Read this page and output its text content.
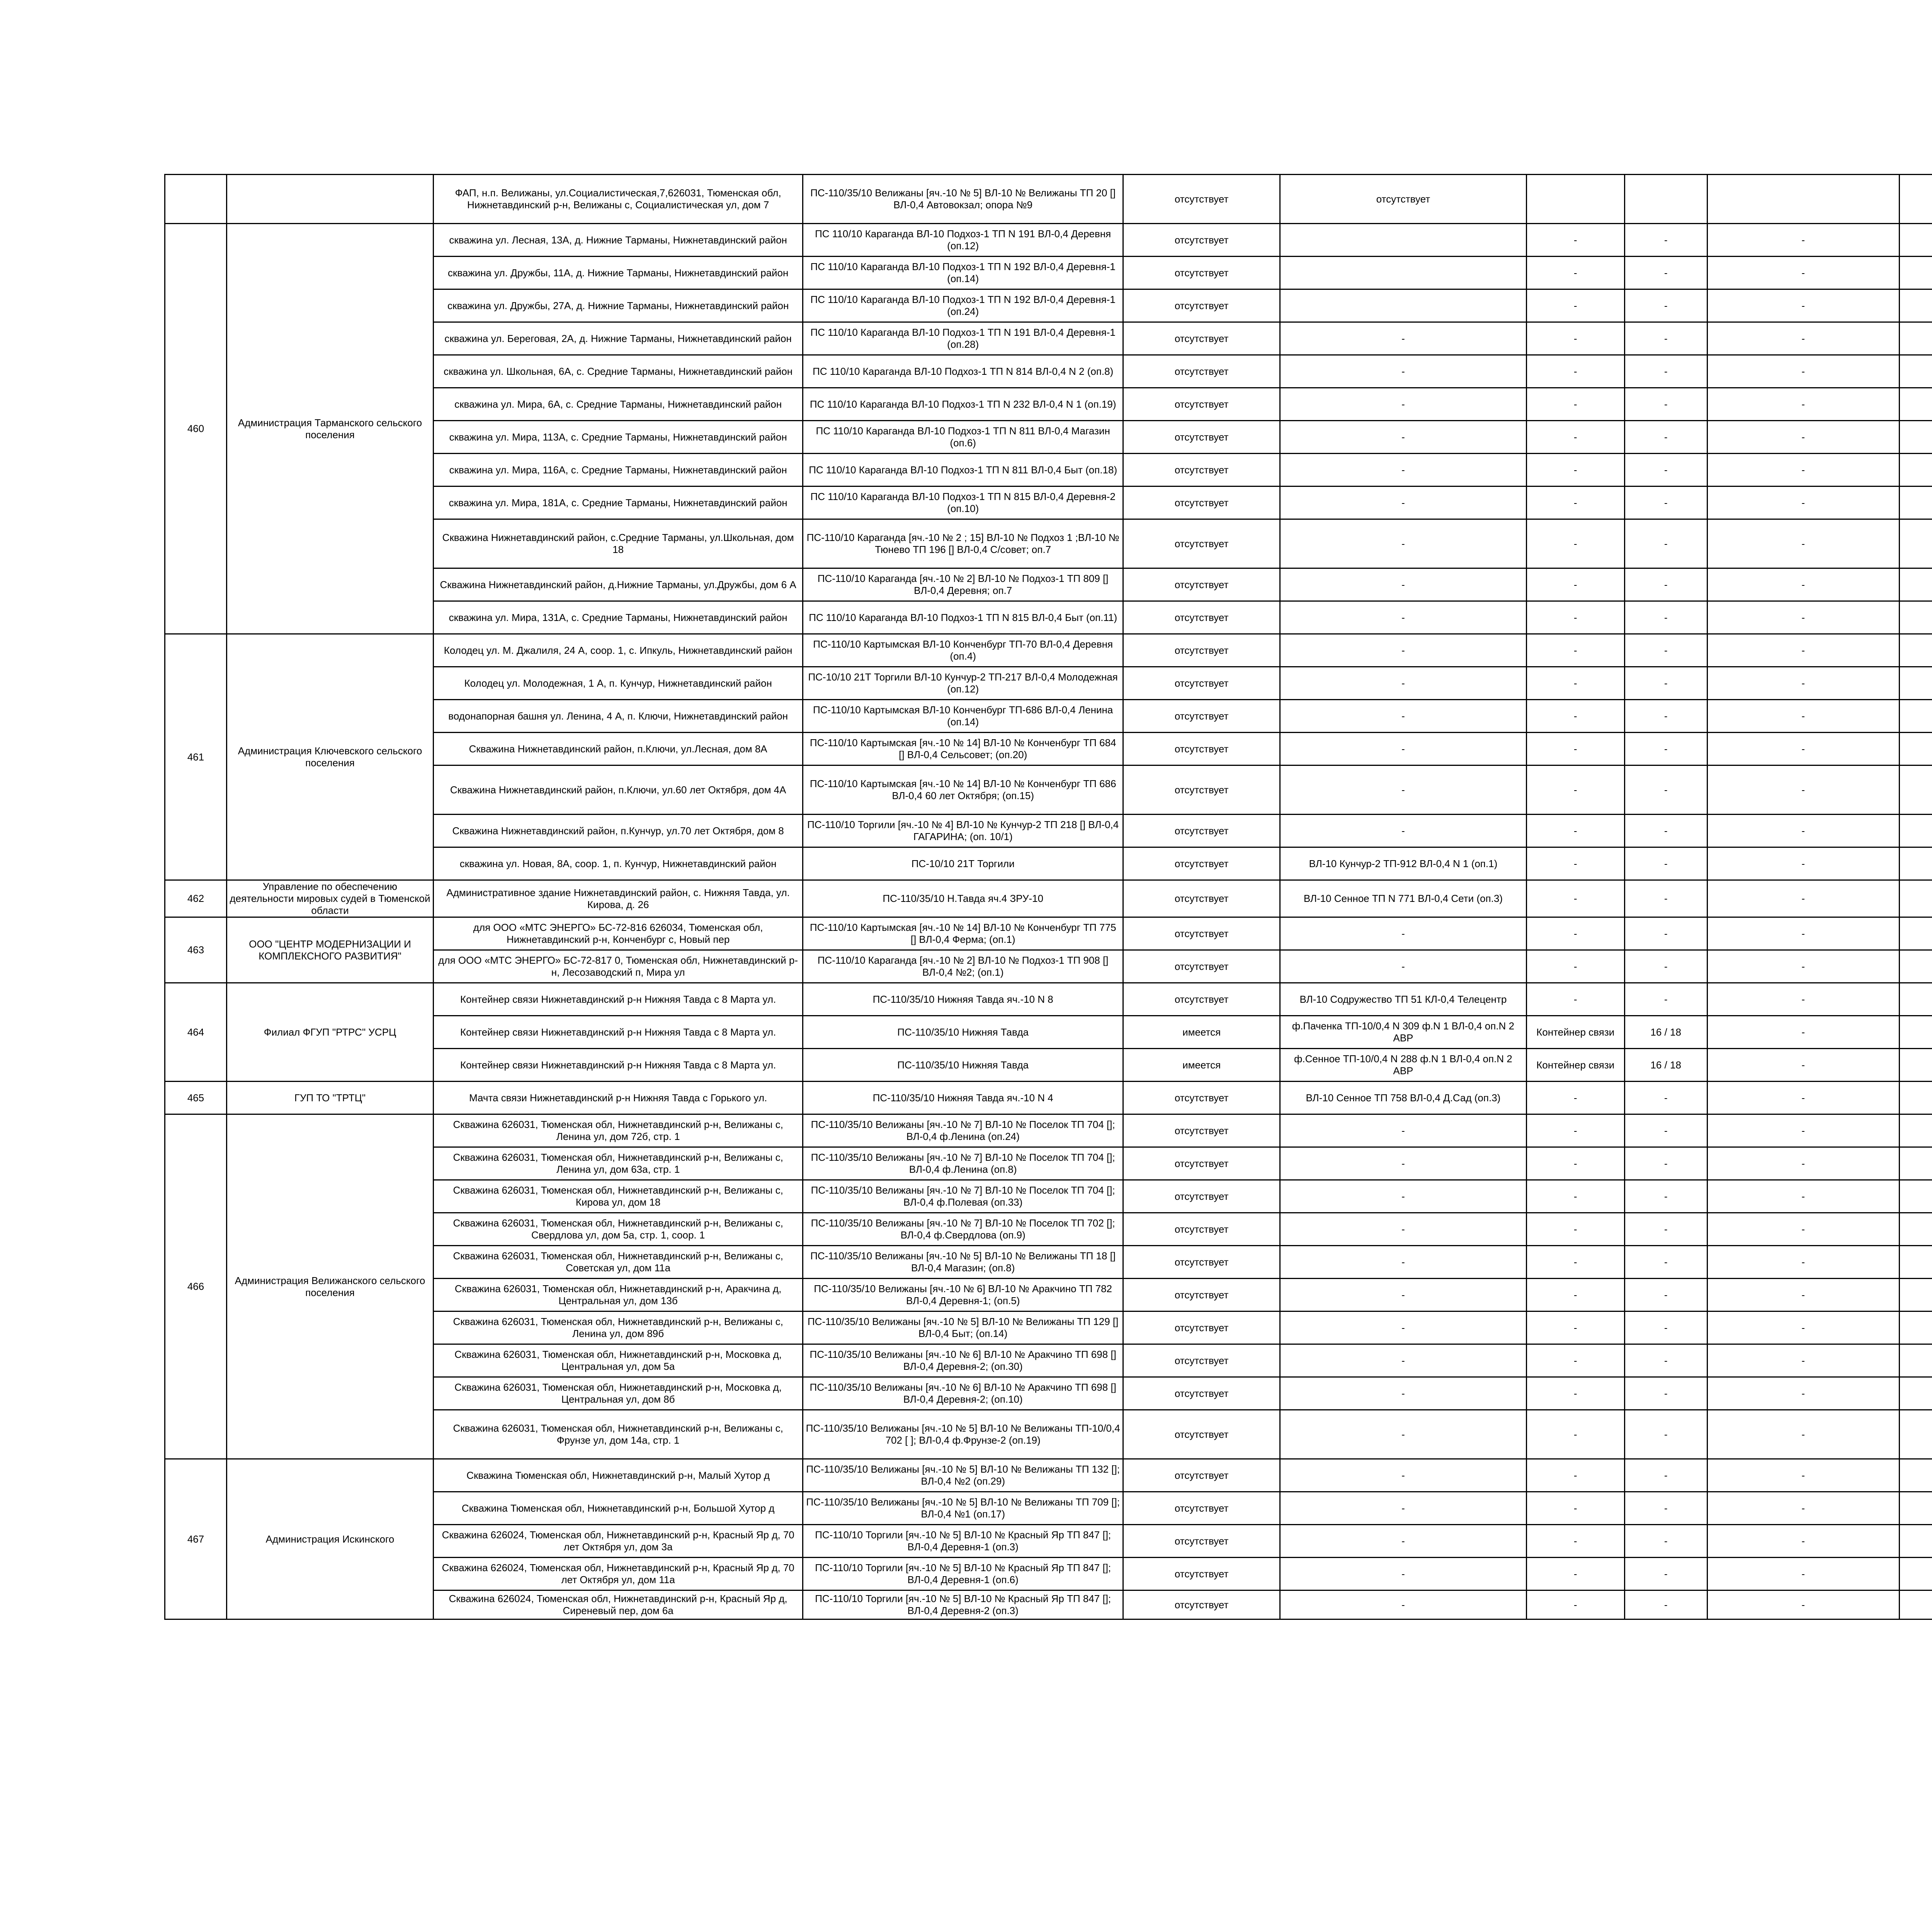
		ФАП, н.п. Велижаны, ул.Социалистическая,7,626031, Тюменская обл, Нижнетавдинский р-н, Велижаны с, Социалистическая ул, дом 7	ПС-110/35/10 Велижаны [яч.-10 № 5] ВЛ-10 № Велижаны ТП 20 [] ВЛ-0,4 Автовокзал; опора №9	отсутствует	отсутствует					
460	Администрация Тарманского сельского поселения	скважина ул. Лесная, 13А, д. Нижние Тарманы, Нижнетавдинский район	ПС 110/10 Караганда ВЛ-10 Подхоз-1 ТП N 191 ВЛ-0,4 Деревня (оп.12)	отсутствует		-	-	-		
		скважина ул. Дружбы, 11А, д. Нижние Тарманы, Нижнетавдинский район	ПС 110/10 Караганда ВЛ-10 Подхоз-1 ТП N 192 ВЛ-0,4 Деревня-1 (оп.14)	отсутствует		-	-	-		
		скважина ул. Дружбы, 27А, д. Нижние Тарманы, Нижнетавдинский район	ПС 110/10 Караганда ВЛ-10 Подхоз-1 ТП N 192 ВЛ-0,4 Деревня-1 (оп.24)	отсутствует		-	-	-		
		скважина ул. Береговая, 2А, д. Нижние Тарманы, Нижнетавдинский район	ПС 110/10 Караганда ВЛ-10 Подхоз-1 ТП N 191 ВЛ-0,4 Деревня-1 (оп.28)	отсутствует	-	-	-	-		
		скважина ул. Школьная, 6А, с. Средние Тарманы, Нижнетавдинский район	ПС 110/10 Караганда ВЛ-10 Подхоз-1 ТП N 814 ВЛ-0,4 N 2 (оп.8)	отсутствует	-	-	-	-		
		скважина ул. Мира, 6А, с. Средние Тарманы, Нижнетавдинский район	ПС 110/10 Караганда ВЛ-10 Подхоз-1 ТП N 232 ВЛ-0,4 N 1 (оп.19)	отсутствует	-	-	-	-		
		скважина ул. Мира, 113А, с. Средние Тарманы, Нижнетавдинский район	ПС 110/10 Караганда ВЛ-10 Подхоз-1 ТП N 811 ВЛ-0,4 Магазин (оп.6)	отсутствует	-	-	-	-		
		скважина ул. Мира, 116А, с. Средние Тарманы, Нижнетавдинский район	ПС 110/10 Караганда ВЛ-10 Подхоз-1 ТП N 811 ВЛ-0,4 Быт (оп.18)	отсутствует	-	-	-	-		
		скважина ул. Мира, 181А, с. Средние Тарманы, Нижнетавдинский район	ПС 110/10 Караганда ВЛ-10 Подхоз-1 ТП N 815 ВЛ-0,4 Деревня-2 (оп.10)	отсутствует	-	-	-	-		
		Скважина Нижнетавдинский район, с.Средние Тарманы, ул.Школьная, дом 18	ПС-110/10 Караганда [яч.-10 № 2 ; 15] ВЛ-10 № Подхоз 1 ;ВЛ-10 № Тюнево ТП 196 [] ВЛ-0,4 С/совет; оп.7	отсутствует	-	-	-	-		
		Скважина Нижнетавдинский район, д.Нижние Тарманы, ул.Дружбы, дом 6 А	ПС-110/10 Караганда [яч.-10 № 2] ВЛ-10 № Подхоз-1 ТП 809 [] ВЛ-0,4 Деревня; оп.7	отсутствует	-	-	-	-		
		скважина ул. Мира, 131А, с. Средние Тарманы, Нижнетавдинский район	ПС 110/10 Караганда ВЛ-10 Подхоз-1 ТП N 815 ВЛ-0,4 Быт (оп.11)	отсутствует	-	-	-	-		
461	Администрация Ключевского сельского поселения	Колодец ул. М. Джалиля, 24 А, соор. 1, с. Ипкуль, Нижнетавдинский район	ПС-110/10 Картымская ВЛ-10 Конченбург ТП-70 ВЛ-0,4 Деревня (оп.4)	отсутствует	-	-	-	-		
		Колодец ул. Молодежная, 1 А, п. Кунчур, Нижнетавдинский район	ПС-10/10 21Т Торгили ВЛ-10 Кунчур-2 ТП-217 ВЛ-0,4 Молодежная (оп.12)	отсутствует	-	-	-	-		
		водонапорная башня ул. Ленина, 4 А, п. Ключи, Нижнетавдинский район	ПС-110/10 Картымская ВЛ-10 Конченбург ТП-686 ВЛ-0,4 Ленина (оп.14)	отсутствует	-	-	-	-		
		Скважина Нижнетавдинский район, п.Ключи, ул.Лесная, дом 8А	ПС-110/10 Картымская [яч.-10 № 14] ВЛ-10 № Конченбург ТП 684 [] ВЛ-0,4 Сельсовет; (оп.20)	отсутствует	-	-	-	-		
		Скважина Нижнетавдинский район, п.Ключи, ул.60 лет Октября, дом 4А	ПС-110/10 Картымская [яч.-10 № 14] ВЛ-10 № Конченбург ТП 686 ВЛ-0,4 60 лет Октября; (оп.15)	отсутствует	-	-	-	-		
		Скважина Нижнетавдинский район, п.Кунчур, ул.70 лет Октября, дом 8	ПС-110/10 Торгили [яч.-10 № 4] ВЛ-10 № Кунчур-2 ТП 218 [] ВЛ-0,4 ГАГАРИНА; (оп. 10/1)	отсутствует	-	-	-	-		
		скважина ул. Новая, 8А, соор. 1, п. Кунчур, Нижнетавдинский район	ПС-10/10 21Т Торгили	отсутствует	ВЛ-10 Кунчур-2 ТП-912 ВЛ-0,4 N 1 (оп.1)	-	-	-		
462	Управление по обеспечению деятельности мировых судей в Тюменской области	Административное здание Нижнетавдинский район, с. Нижняя Тавда, ул. Кирова, д. 26	ПС-110/35/10 Н.Тавда яч.4 ЗРУ-10	отсутствует	ВЛ-10 Сенное ТП N 771 ВЛ-0,4 Сети (оп.3)	-	-	-		
463	ООО "ЦЕНТР МОДЕРНИЗАЦИИ И КОМПЛЕКСНОГО РАЗВИТИЯ"	для ООО «МТС ЭНЕРГО» БС-72-816 626034, Тюменская обл, Нижнетавдинский р-н, Конченбург с, Новый пер	ПС-110/10 Картымская [яч.-10 № 14] ВЛ-10 № Конченбург ТП 775 [] ВЛ-0,4 Ферма; (оп.1)	отсутствует	-	-	-	-		
		для ООО «МТС ЭНЕРГО» БС-72-817 0, Тюменская обл, Нижнетавдинский р-н, Лесозаводский п, Мира ул	ПС-110/10 Караганда [яч.-10 № 2] ВЛ-10 № Подхоз-1 ТП 908 [] ВЛ-0,4 №2; (оп.1)	отсутствует	-	-	-	-		
464	Филиал ФГУП "РТРС" УСРЦ	Контейнер связи Нижнетавдинский р-н Нижняя Тавда с 8 Марта ул.	ПС-110/35/10 Нижняя Тавда яч.-10 N 8	отсутствует	ВЛ-10 Содружество ТП 51 КЛ-0,4 Телецентр	-	-	-		
		Контейнер связи Нижнетавдинский р-н Нижняя Тавда с 8 Марта ул.	ПС-110/35/10 Нижняя Тавда	имеется	ф.Паченка ТП-10/0,4 N 309 ф.N 1 ВЛ-0,4 оп.N 2 АВР	Контейнер связи	16 / 18	-		
		Контейнер связи Нижнетавдинский р-н Нижняя Тавда с 8 Марта ул.	ПС-110/35/10 Нижняя Тавда	имеется	ф.Сенное ТП-10/0,4 N 288 ф.N 1 ВЛ-0,4 оп.N 2 АВР	Контейнер связи	16 / 18	-		
465	ГУП ТО "ТРТЦ"	Мачта связи Нижнетавдинский р-н Нижняя Тавда с Горького ул.	ПС-110/35/10 Нижняя Тавда яч.-10 N 4	отсутствует	ВЛ-10 Сенное ТП 758 ВЛ-0,4 Д.Сад (оп.3)	-	-	-		
466	Администрация Велижанского сельского поселения	Скважина 626031, Тюменская обл, Нижнетавдинский р-н, Велижаны с, Ленина ул, дом 72б, стр. 1	ПС-110/35/10 Велижаны [яч.-10 № 7] ВЛ-10 № Поселок ТП 704 []; ВЛ-0,4 ф.Ленина (оп.24)	отсутствует	-	-	-	-		
		Скважина 626031, Тюменская обл, Нижнетавдинский р-н, Велижаны с, Ленина ул, дом 63а, стр. 1	ПС-110/35/10 Велижаны [яч.-10 № 7] ВЛ-10 № Поселок ТП 704 []; ВЛ-0,4 ф.Ленина (оп.8)	отсутствует	-	-	-	-		
		Скважина 626031, Тюменская обл, Нижнетавдинский р-н, Велижаны с, Кирова ул, дом 18	ПС-110/35/10 Велижаны [яч.-10 № 7] ВЛ-10 № Поселок ТП 704 []; ВЛ-0,4 ф.Полевая (оп.33)	отсутствует	-	-	-	-		
		Скважина 626031, Тюменская обл, Нижнетавдинский р-н, Велижаны с, Свердлова ул, дом 5а, стр. 1, соор. 1	ПС-110/35/10 Велижаны [яч.-10 № 7] ВЛ-10 № Поселок ТП 702 []; ВЛ-0,4 ф.Свердлова (оп.9)	отсутствует	-	-	-	-		
		Скважина 626031, Тюменская обл, Нижнетавдинский р-н, Велижаны с, Советская ул, дом 11а	ПС-110/35/10 Велижаны [яч.-10 № 5] ВЛ-10 № Велижаны ТП 18 [] ВЛ-0,4 Магазин; (оп.8)	отсутствует	-	-	-	-		
		Скважина 626031, Тюменская обл, Нижнетавдинский р-н, Аракчина д, Центральная ул, дом 13б	ПС-110/35/10 Велижаны [яч.-10 № 6] ВЛ-10 № Аракчино ТП 782 ВЛ-0,4 Деревня-1; (оп.5)	отсутствует	-	-	-	-		
		Скважина 626031, Тюменская обл, Нижнетавдинский р-н, Велижаны с, Ленина ул, дом 89б	ПС-110/35/10 Велижаны [яч.-10 № 5] ВЛ-10 № Велижаны ТП 129 [] ВЛ-0,4 Быт; (оп.14)	отсутствует	-	-	-	-		
		Скважина 626031, Тюменская обл, Нижнетавдинский р-н, Московка д, Центральная ул, дом 5а	ПС-110/35/10 Велижаны [яч.-10 № 6] ВЛ-10 № Аракчино ТП 698 [] ВЛ-0,4 Деревня-2; (оп.30)	отсутствует	-	-	-	-		
		Скважина 626031, Тюменская обл, Нижнетавдинский р-н, Московка д, Центральная ул, дом 8б	ПС-110/35/10 Велижаны [яч.-10 № 6] ВЛ-10 № Аракчино ТП 698 [] ВЛ-0,4 Деревня-2; (оп.10)	отсутствует	-	-	-	-		
		Скважина 626031, Тюменская обл, Нижнетавдинский р-н, Велижаны с, Фрунзе ул, дом 14а, стр. 1	ПС-110/35/10 Велижаны [яч.-10 № 5] ВЛ-10 № Велижаны ТП-10/0,4 702 [ ]; ВЛ-0,4 ф.Фрунзе-2 (оп.19)	отсутствует	-	-	-	-		
467	Администрация Искинского	Скважина Тюменская обл, Нижнетавдинский р-н, Малый Хутор д	ПС-110/35/10 Велижаны [яч.-10 № 5] ВЛ-10 № Велижаны ТП 132 []; ВЛ-0,4 №2 (оп.29)	отсутствует	-	-	-	-		
		Скважина Тюменская обл, Нижнетавдинский р-н, Большой Хутор д	ПС-110/35/10 Велижаны [яч.-10 № 5] ВЛ-10 № Велижаны ТП 709 []; ВЛ-0,4 №1 (оп.17)	отсутствует	-	-	-	-		
		Скважина 626024, Тюменская обл, Нижнетавдинский р-н, Красный Яр д, 70 лет Октября ул, дом 3а	ПС-110/10 Торгили [яч.-10 № 5] ВЛ-10 № Красный Яр ТП 847 []; ВЛ-0,4 Деревня-1 (оп.3)	отсутствует	-	-	-	-		
		Скважина 626024, Тюменская обл, Нижнетавдинский р-н, Красный Яр д, 70 лет Октября ул, дом 11а	ПС-110/10 Торгили [яч.-10 № 5] ВЛ-10 № Красный Яр ТП 847 []; ВЛ-0,4 Деревня-1 (оп.6)	отсутствует	-	-	-	-		
		Скважина 626024, Тюменская обл, Нижнетавдинский р-н, Красный Яр д, Сиреневый пер, дом 6а	ПС-110/10 Торгили [яч.-10 № 5] ВЛ-10 № Красный Яр ТП 847 []; ВЛ-0,4 Деревня-2 (оп.3)	отсутствует	-	-	-	-		
